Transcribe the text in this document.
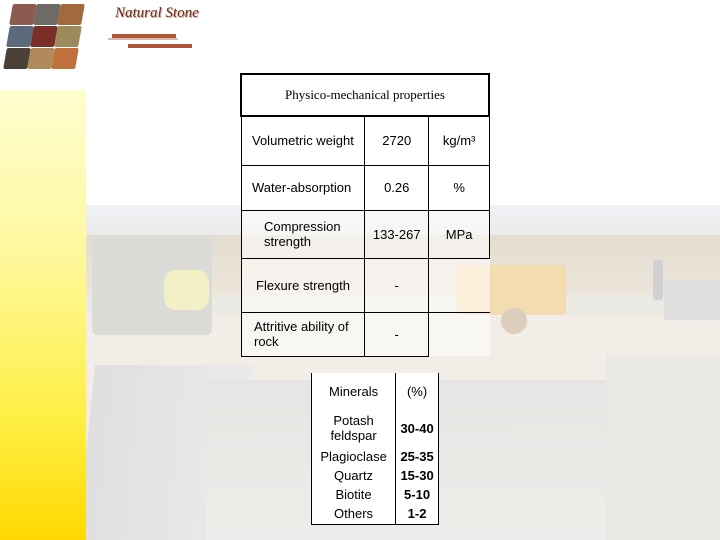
Natural Stone
Physico-mechanical properties
Volumetric weight	2720	kg/m³

Water-absorption	0.26	%

Compression strength	133-267	MPa

Flexure strength	-	

Attritive ability of rock	-	
Minerals	(%)
Potash feldspar	30-40
Plagioclase	25-35
Quartz	15-30
Biotite	5-10
Others	1-2
